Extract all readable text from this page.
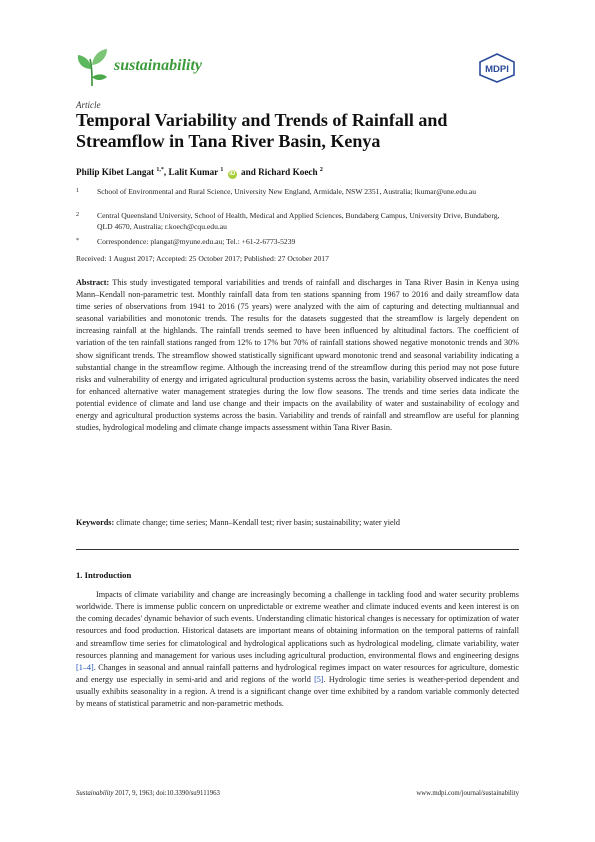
sustainability	MDPI
Article
Temporal Variability and Trends of Rainfall and Streamflow in Tana River Basin, Kenya
Philip Kibet Langat $^{1,*}$, Lalit Kumar $^1$ iD and Richard Koech $^2$
1 School of Environmental and Rural Science, University New England, Armidale, NSW 2351, Australia; lkumar@une.edu.au
2 Central Queensland University, School of Health, Medical and Applied Sciences, Bundaberg Campus, University Drive, Bundaberg, QLD 4670, Australia; r.koech@cqu.edu.au
* Correspondence: plangat@myune.edu.au; Tel.: +61-2-6773-5239
Received: 1 August 2017; Accepted: 25 October 2017; Published: 27 October 2017
Abstract: This study investigated temporal variabilities and trends of rainfall and discharges in Tana River Basin in Kenya using Mann–Kendall non-parametric test. Monthly rainfall data from ten stations spanning from 1967 to 2016 and daily streamflow data time series of observations from 1941 to 2016 (75 years) were analyzed with the aim of capturing and detecting multiannual and seasonal variabilities and monotonic trends. The results for the datasets suggested that the streamflow is largely dependent on increasing rainfall at the highlands. The rainfall trends seemed to have been influenced by altitudinal factors. The coefficient of variation of the ten rainfall stations ranged from 12% to 17% but 70% of rainfall stations showed negative monotonic trends and 30% show significant trends. The streamflow showed statistically significant upward monotonic trend and seasonal variability indicating a substantial change in the streamflow regime. Although the increasing trend of the streamflow during this period may not pose future risks and vulnerability of energy and irrigated agricultural production systems across the basin, variability observed indicates the need for enhanced alternative water management strategies during the low flow seasons. The trends and time series data indicate the potential evidence of climate and land use change and their impacts on the availability of water and sustainability of ecology and energy and agricultural production systems across the basin. Variability and trends of rainfall and streamflow are useful for planning studies, hydrological modeling and climate change impacts assessment within Tana River Basin.
Keywords: climate change; time series; Mann–Kendall test; river basin; sustainability; water yield
1. Introduction
Impacts of climate variability and change are increasingly becoming a challenge in tackling food and water security problems worldwide. There is immense public concern on unpredictable or extreme weather and climate induced events and keen interest is on the coming decades' dynamic behavior of such events. Understanding climatic historical changes is necessary for optimization of water resources and food production. Historical datasets are important means of obtaining information on the temporal patterns of rainfall and streamflow time series for climatological and hydrological applications such as hydrological modeling, climate variability, water resources planning and management for various uses including agricultural production, environmental flows and engineering designs [1–4]. Changes in seasonal and annual rainfall patterns and hydrological regimes impact on water resources for agriculture, domestic and energy use especially in semi-arid and arid regions of the world [5]. Hydrologic time series is weather-period dependent and usually exhibits seasonality in a region. A trend is a significant change over time exhibited by a random variable commonly detected by means of statistical parametric and non-parametric methods.
Sustainability 2017, 9, 1963; doi:10.3390/su9111963	www.mdpi.com/journal/sustainability
